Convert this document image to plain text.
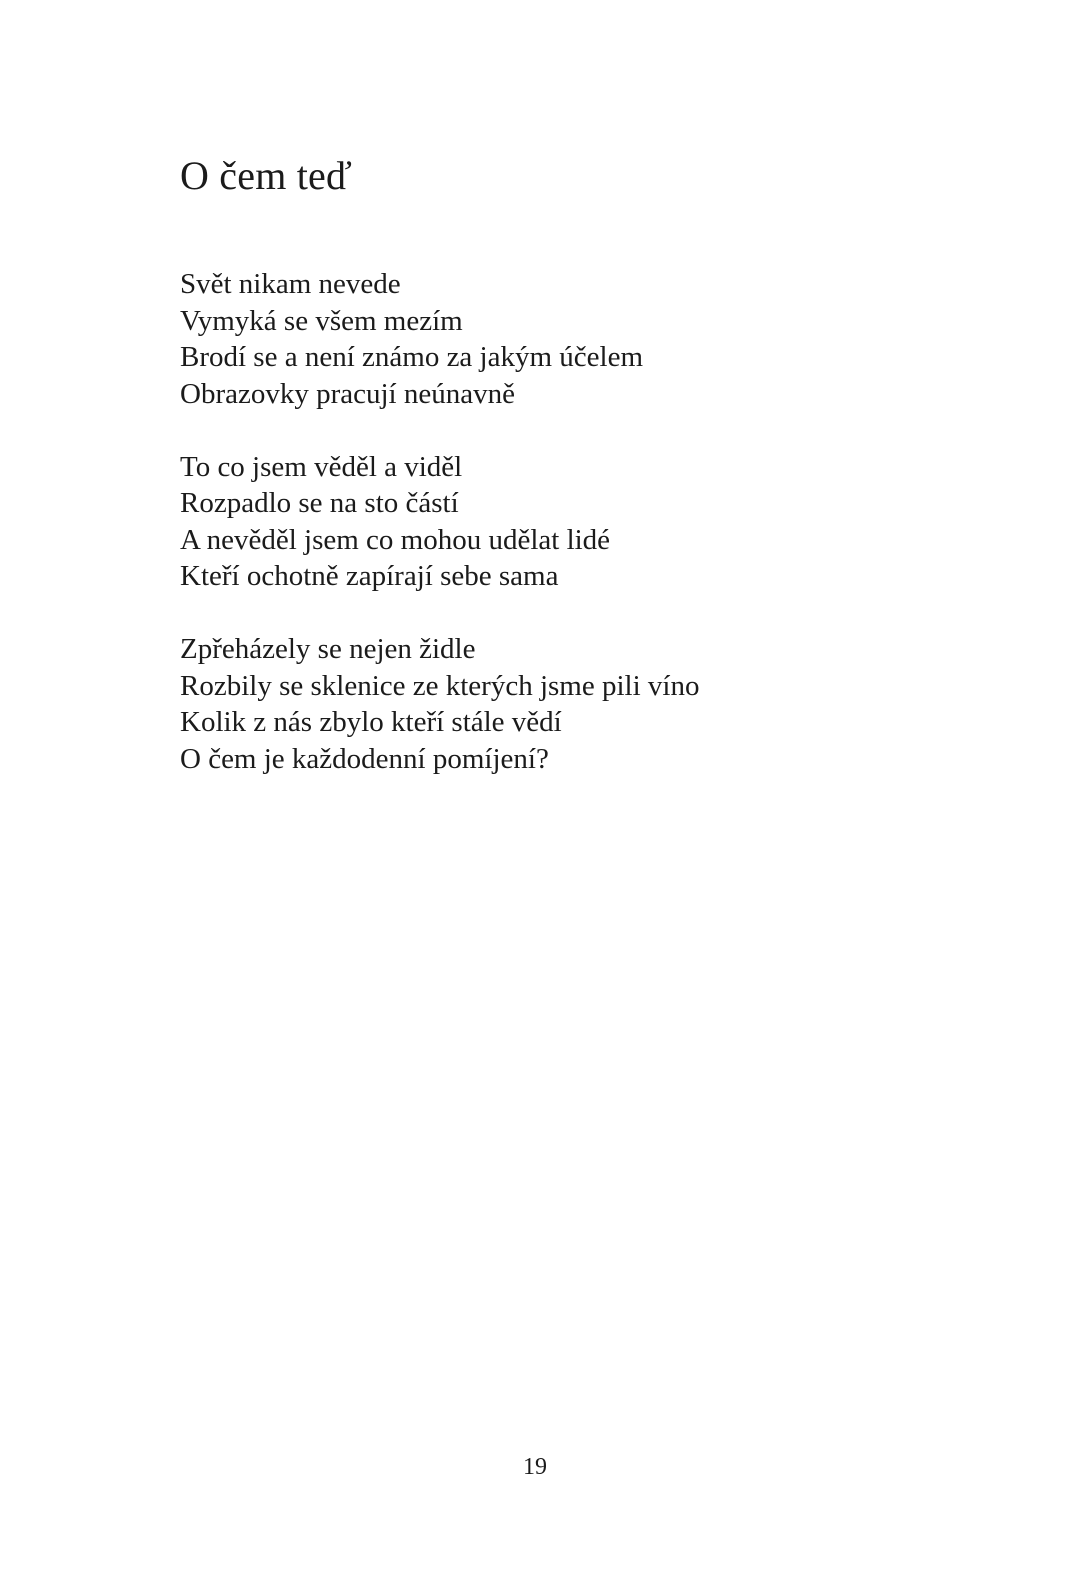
O čem teď
Svět nikam nevede
Vymyká se všem mezím
Brodí se a není známo za jakým účelem
Obrazovky pracují neúnavně
To co jsem věděl a viděl
Rozpadlo se na sto částí
A nevěděl jsem co mohou udělat lidé
Kteří ochotně zapírají sebe sama
Zpřeházely se nejen židle
Rozbily se sklenice ze kterých jsme pili víno
Kolik z nás zbylo kteří stále vědí
O čem je každodenní pomíjení?
19
